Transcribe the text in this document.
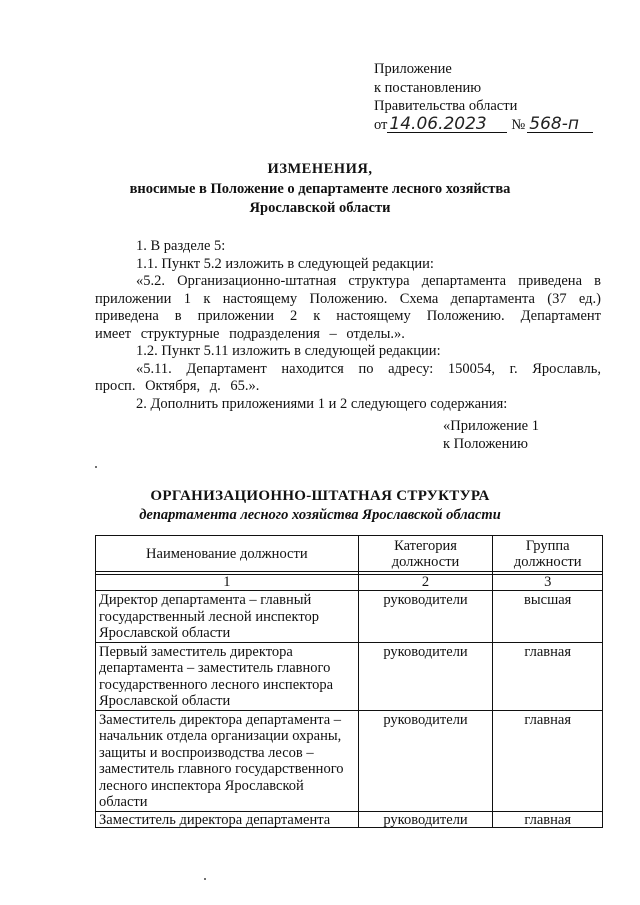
Приложение
к постановлению
Правительства области
от 14.06.2023	№ 568-п
ИЗМЕНЕНИЯ,
вносимые в Положение о департаменте лесного хозяйства
Ярославской области

1. В разделе 5:

1.1. Пункт 5.2 изложить в следующей редакции:

«5.2. Организационно-штатная структура департамента приведена в приложении 1 к настоящему Положению. Схема департамента (37 ед.) приведена в приложении 2 к настоящему Положению. Департамент имеет структурные подразделения – отделы.».

1.2. Пункт 5.11 изложить в следующей редакции:

«5.11. Департамент находится по адресу: 150054, г. Ярославль, просп. Октября, д. 65.».

2. Дополнить приложениями 1 и 2 следующего содержания:

«Приложение 1
к Положению
ОРГАНИЗАЦИОННО-ШТАТНАЯ СТРУКТУРА
департамента лесного хозяйства Ярославской области
Наименование должности	Категория должности	Группа должности

1	2	3
Директор департамента – главный государственный лесной инспектор Ярославской области	руководители	высшая
Первый заместитель директора департамента – заместитель главного государственного лесного инспектора Ярославской области	руководители	главная
Заместитель директора департамента – начальник отдела организации охраны, защиты и воспроизводства лесов – заместитель главного государственного лесного инспектора Ярославской области	руководители	главная
Заместитель директора департамента	руководители	главная
